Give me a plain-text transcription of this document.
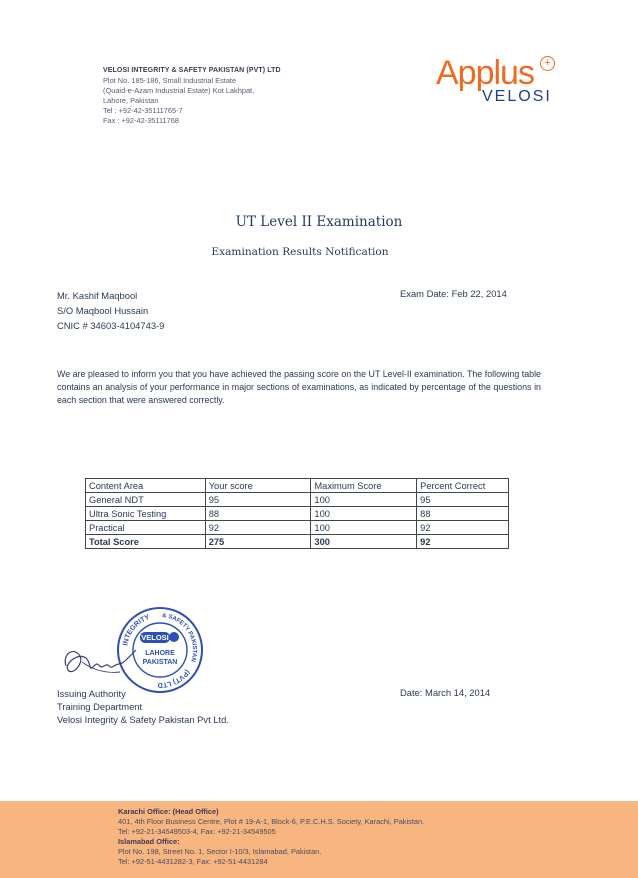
VELOSI INTEGRITY & SAFETY PAKISTAN (PVT) LTD
Plot No. 185-186, Small Industrial Estate
(Quaid-e-Azam Industrial Estate) Kot Lakhpat,
Lahore, Pakistan
Tel : +92-42-35111765-7
Fax : +92-42-35111768
Applus +
VELOSI
UT Level II Examination
Examination Results Notification
Mr. Kashif Maqbool
S/O Maqbool Hussain
CNIC # 34603-4104743-9
Exam Date: Feb 22, 2014
We are pleased to inform you that you have achieved the passing score on the UT Level-II examination. The following table contains an analysis of your performance in major sections of examinations, as indicated by percentage of the questions in each section that were answered correctly.
Content Area	Your score	Maximum Score	Percent Correct
General NDT	95	100	95
Ultra Sonic Testing	88	100	88
Practical	92	100	92
Total Score	275	300	92
INTEGRITY
(PVT) LTD
& SAFETY PAKISTAN
VELOSI
LAHORE
PAKISTAN
Issuing Authority
Training Department
Velosi Integrity & Safety Pakistan Pvt Ltd.
Date: March 14, 2014
Karachi Office: (Head Office)
401, 4th Floor Business Centre, Plot # 19-A-1, Block-6, P.E.C.H.S. Society, Karachi, Pakistan.
Tel: +92-21-34549503-4, Fax: +92-21-34549505
Islamabad Office:
Plot No. 198, Street No. 1, Sector I-10/3, Islamabad, Pakistan.
Tel: +92-51-4431282-3, Fax: +92-51-4431284
